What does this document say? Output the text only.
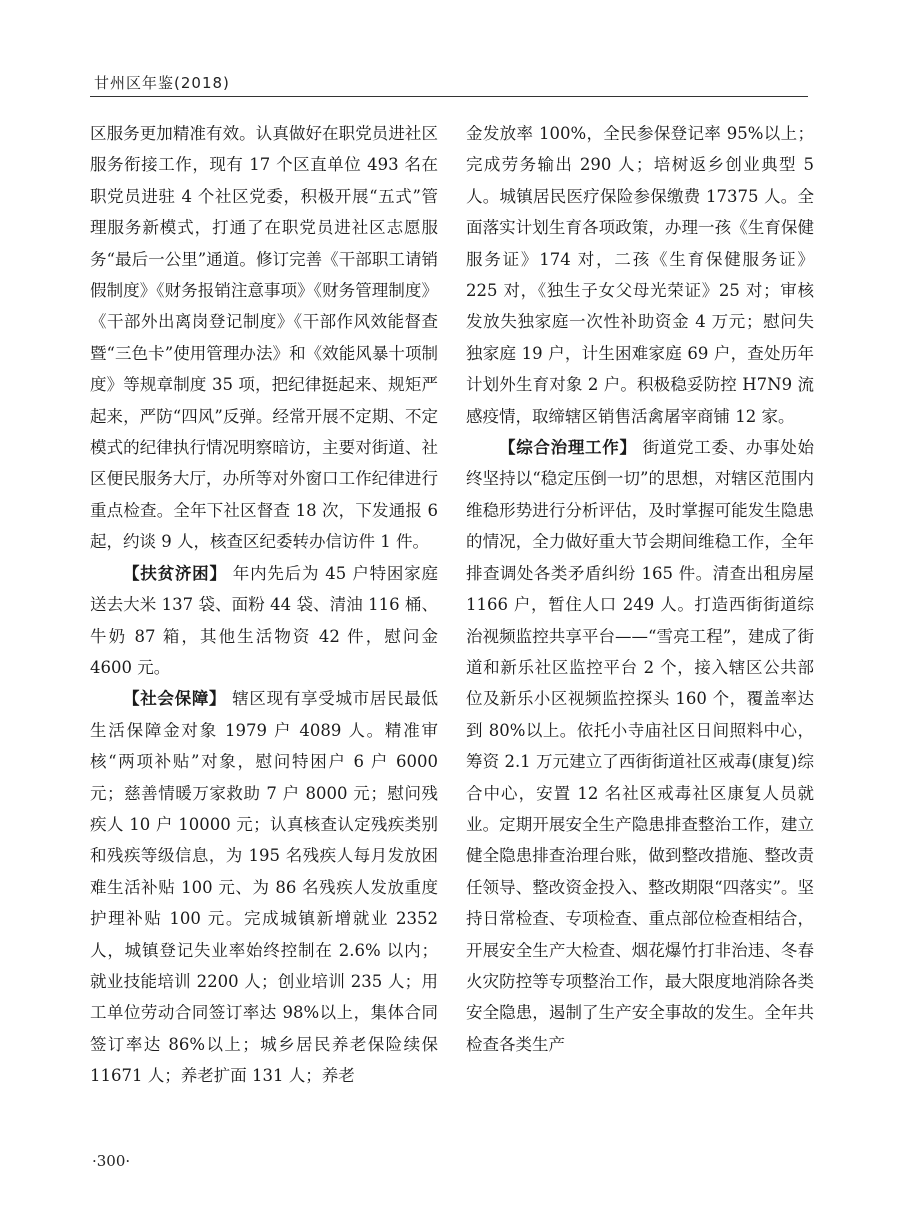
甘州区年鉴(2018)

区服务更加精准有效。认真做好在职党员进社区服务衔接工作，现有 17 个区直单位 493 名在职党员进驻 4 个社区党委，积极开展“五式”管理服务新模式，打通了在职党员进社区志愿服务“最后一公里”通道。修订完善《干部职工请销假制度》《财务报销注意事项》《财务管理制度》《干部外出离岗登记制度》《干部作风效能督查暨“三色卡”使用管理办法》和《效能风暴十项制度》等规章制度 35 项，把纪律挺起来、规矩严起来，严防“四风”反弹。经常开展不定期、不定模式的纪律执行情况明察暗访，主要对街道、社区便民服务大厅，办所等对外窗口工作纪律进行重点检查。全年下社区督查 18 次，下发通报 6 起，约谈 9 人，核查区纪委转办信访件 1 件。

【扶贫济困】 年内先后为 45 户特困家庭送去大米 137 袋、面粉 44 袋、清油 116 桶、牛奶 87 箱，其他生活物资 42 件，慰问金 4600 元。

【社会保障】 辖区现有享受城市居民最低生活保障金对象 1979 户 4089 人。精准审核“两项补贴”对象，慰问特困户 6 户 6000 元；慈善情暖万家救助 7 户 8000 元；慰问残疾人 10 户 10000 元；认真核查认定残疾类别和残疾等级信息，为 195 名残疾人每月发放困难生活补贴 100 元、为 86 名残疾人发放重度护理补贴 100 元。完成城镇新增就业 2352 人，城镇登记失业率始终控制在 2.6% 以内；就业技能培训 2200 人；创业培训 235 人；用工单位劳动合同签订率达 98%以上，集体合同签订率达 86%以上；城乡居民养老保险续保 11671 人；养老扩面 131 人；养老

金发放率 100%，全民参保登记率 95%以上；完成劳务输出 290 人；培树返乡创业典型 5 人。城镇居民医疗保险参保缴费 17375 人。全面落实计划生育各项政策，办理一孩《生育保健服务证》174 对，二孩《生育保健服务证》225 对，《独生子女父母光荣证》25 对；审核发放失独家庭一次性补助资金 4 万元；慰问失独家庭 19 户，计生困难家庭 69 户，查处历年计划外生育对象 2 户。积极稳妥防控 H7N9 流感疫情，取缔辖区销售活禽屠宰商铺 12 家。

【综合治理工作】 街道党工委、办事处始终坚持以“稳定压倒一切”的思想，对辖区范围内维稳形势进行分析评估，及时掌握可能发生隐患的情况，全力做好重大节会期间维稳工作，全年排查调处各类矛盾纠纷 165 件。清查出租房屋 1166 户，暂住人口 249 人。打造西街街道综治视频监控共享平台——“雪亮工程”，建成了街道和新乐社区监控平台 2 个，接入辖区公共部位及新乐小区视频监控探头 160 个，覆盖率达到 80%以上。依托小寺庙社区日间照料中心，筹资 2.1 万元建立了西街街道社区戒毒(康复)综合中心，安置 12 名社区戒毒社区康复人员就业。定期开展安全生产隐患排查整治工作，建立健全隐患排查治理台账，做到整改措施、整改责任领导、整改资金投入、整改期限“四落实”。坚持日常检查、专项检查、重点部位检查相结合，开展安全生产大检查、烟花爆竹打非治违、冬春火灾防控等专项整治工作，最大限度地消除各类安全隐患，遏制了生产安全事故的发生。全年共检查各类生产

·300·
